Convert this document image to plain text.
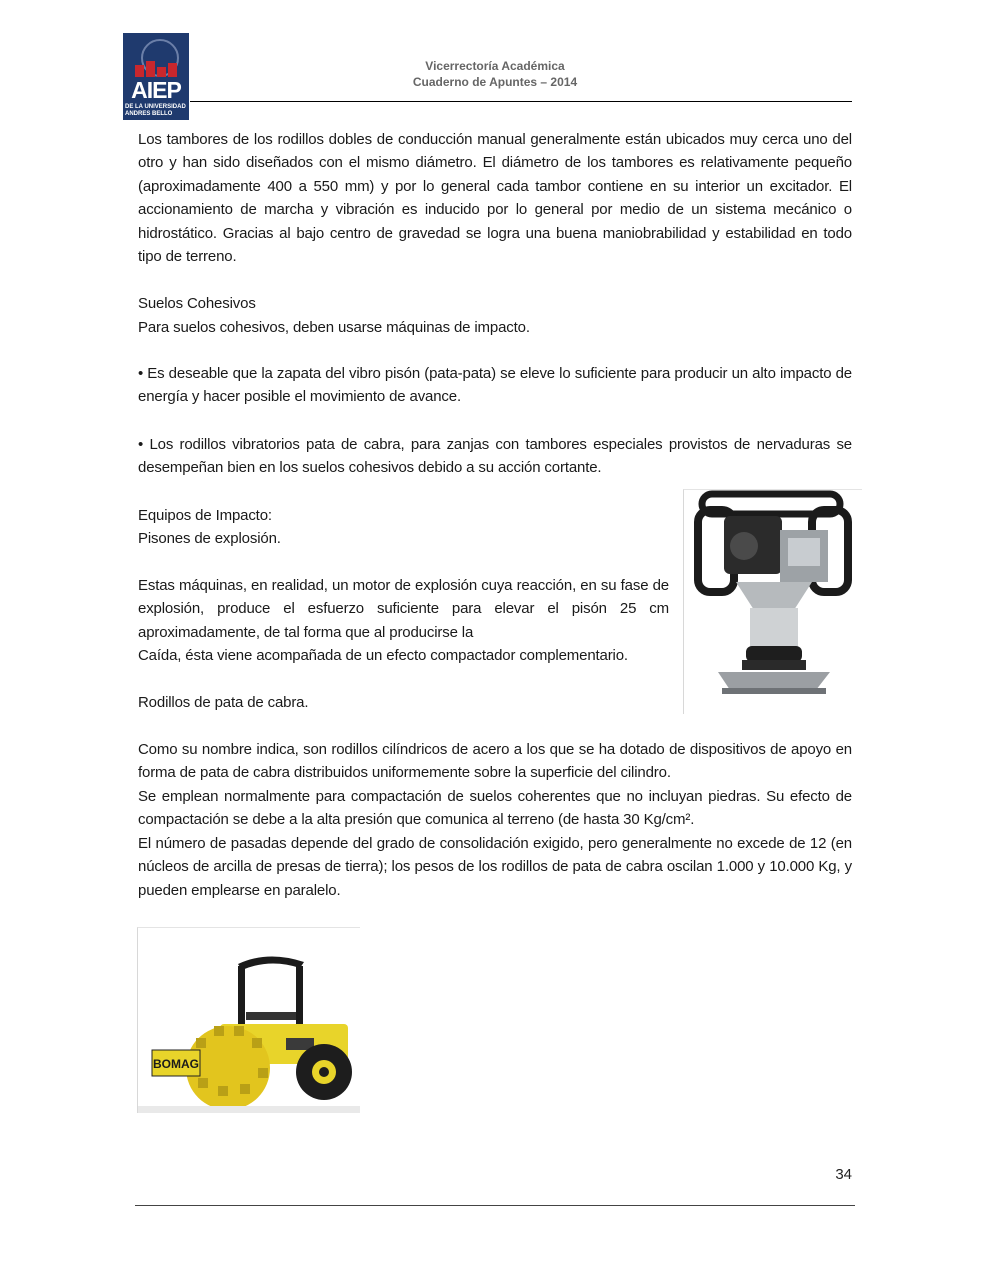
AIEP
DE LA UNIVERSIDAD
ANDRES BELLO
Vicerrectoría Académica
Cuaderno de Apuntes – 2014
Los tambores de los rodillos dobles de conducción manual generalmente están ubicados muy cerca uno del otro y han sido diseñados con el mismo diámetro. El diámetro de los tambores es relativamente pequeño (aproximadamente 400 a 550 mm) y por lo general cada tambor contiene en su interior un excitador. El accionamiento de marcha y vibración es inducido por lo general por medio de un sistema mecánico o hidrostático. Gracias al bajo centro de gravedad se logra una buena maniobrabilidad y estabilidad en todo tipo de terreno.
Suelos Cohesivos
Para suelos cohesivos, deben usarse máquinas de impacto.
• Es deseable que la zapata del vibro pisón (pata-pata) se eleve lo suficiente para producir un alto impacto de energía y hacer posible el movimiento de avance.
• Los rodillos vibratorios pata de cabra, para zanjas con tambores especiales provistos de nervaduras se desempeñan bien en los suelos cohesivos debido a su acción cortante.
Equipos de Impacto:
Pisones de explosión.
Estas máquinas, en realidad, un motor de explosión cuya reacción, en su fase de explosión, produce el esfuerzo suficiente para elevar el pisón 25 cm
aproximadamente, de tal forma que al producirse la
Caída, ésta viene acompañada de un efecto compactador complementario.
Rodillos de pata de cabra.
Como su nombre indica, son rodillos cilíndricos de acero a los que se ha dotado de dispositivos de apoyo en forma de pata de cabra distribuidos uniformemente sobre la superficie del cilindro.
Se emplean normalmente para compactación de suelos coherentes que no incluyan piedras. Su efecto de compactación se debe a la alta presión que comunica al terreno (de hasta 30 Kg/cm².
El número de pasadas depende del grado de consolidación exigido, pero generalmente no excede de 12 (en núcleos de arcilla de presas de tierra); los pesos de los rodillos de pata de cabra oscilan 1.000 y 10.000 Kg, y pueden emplearse en paralelo.
BOMAG
34
